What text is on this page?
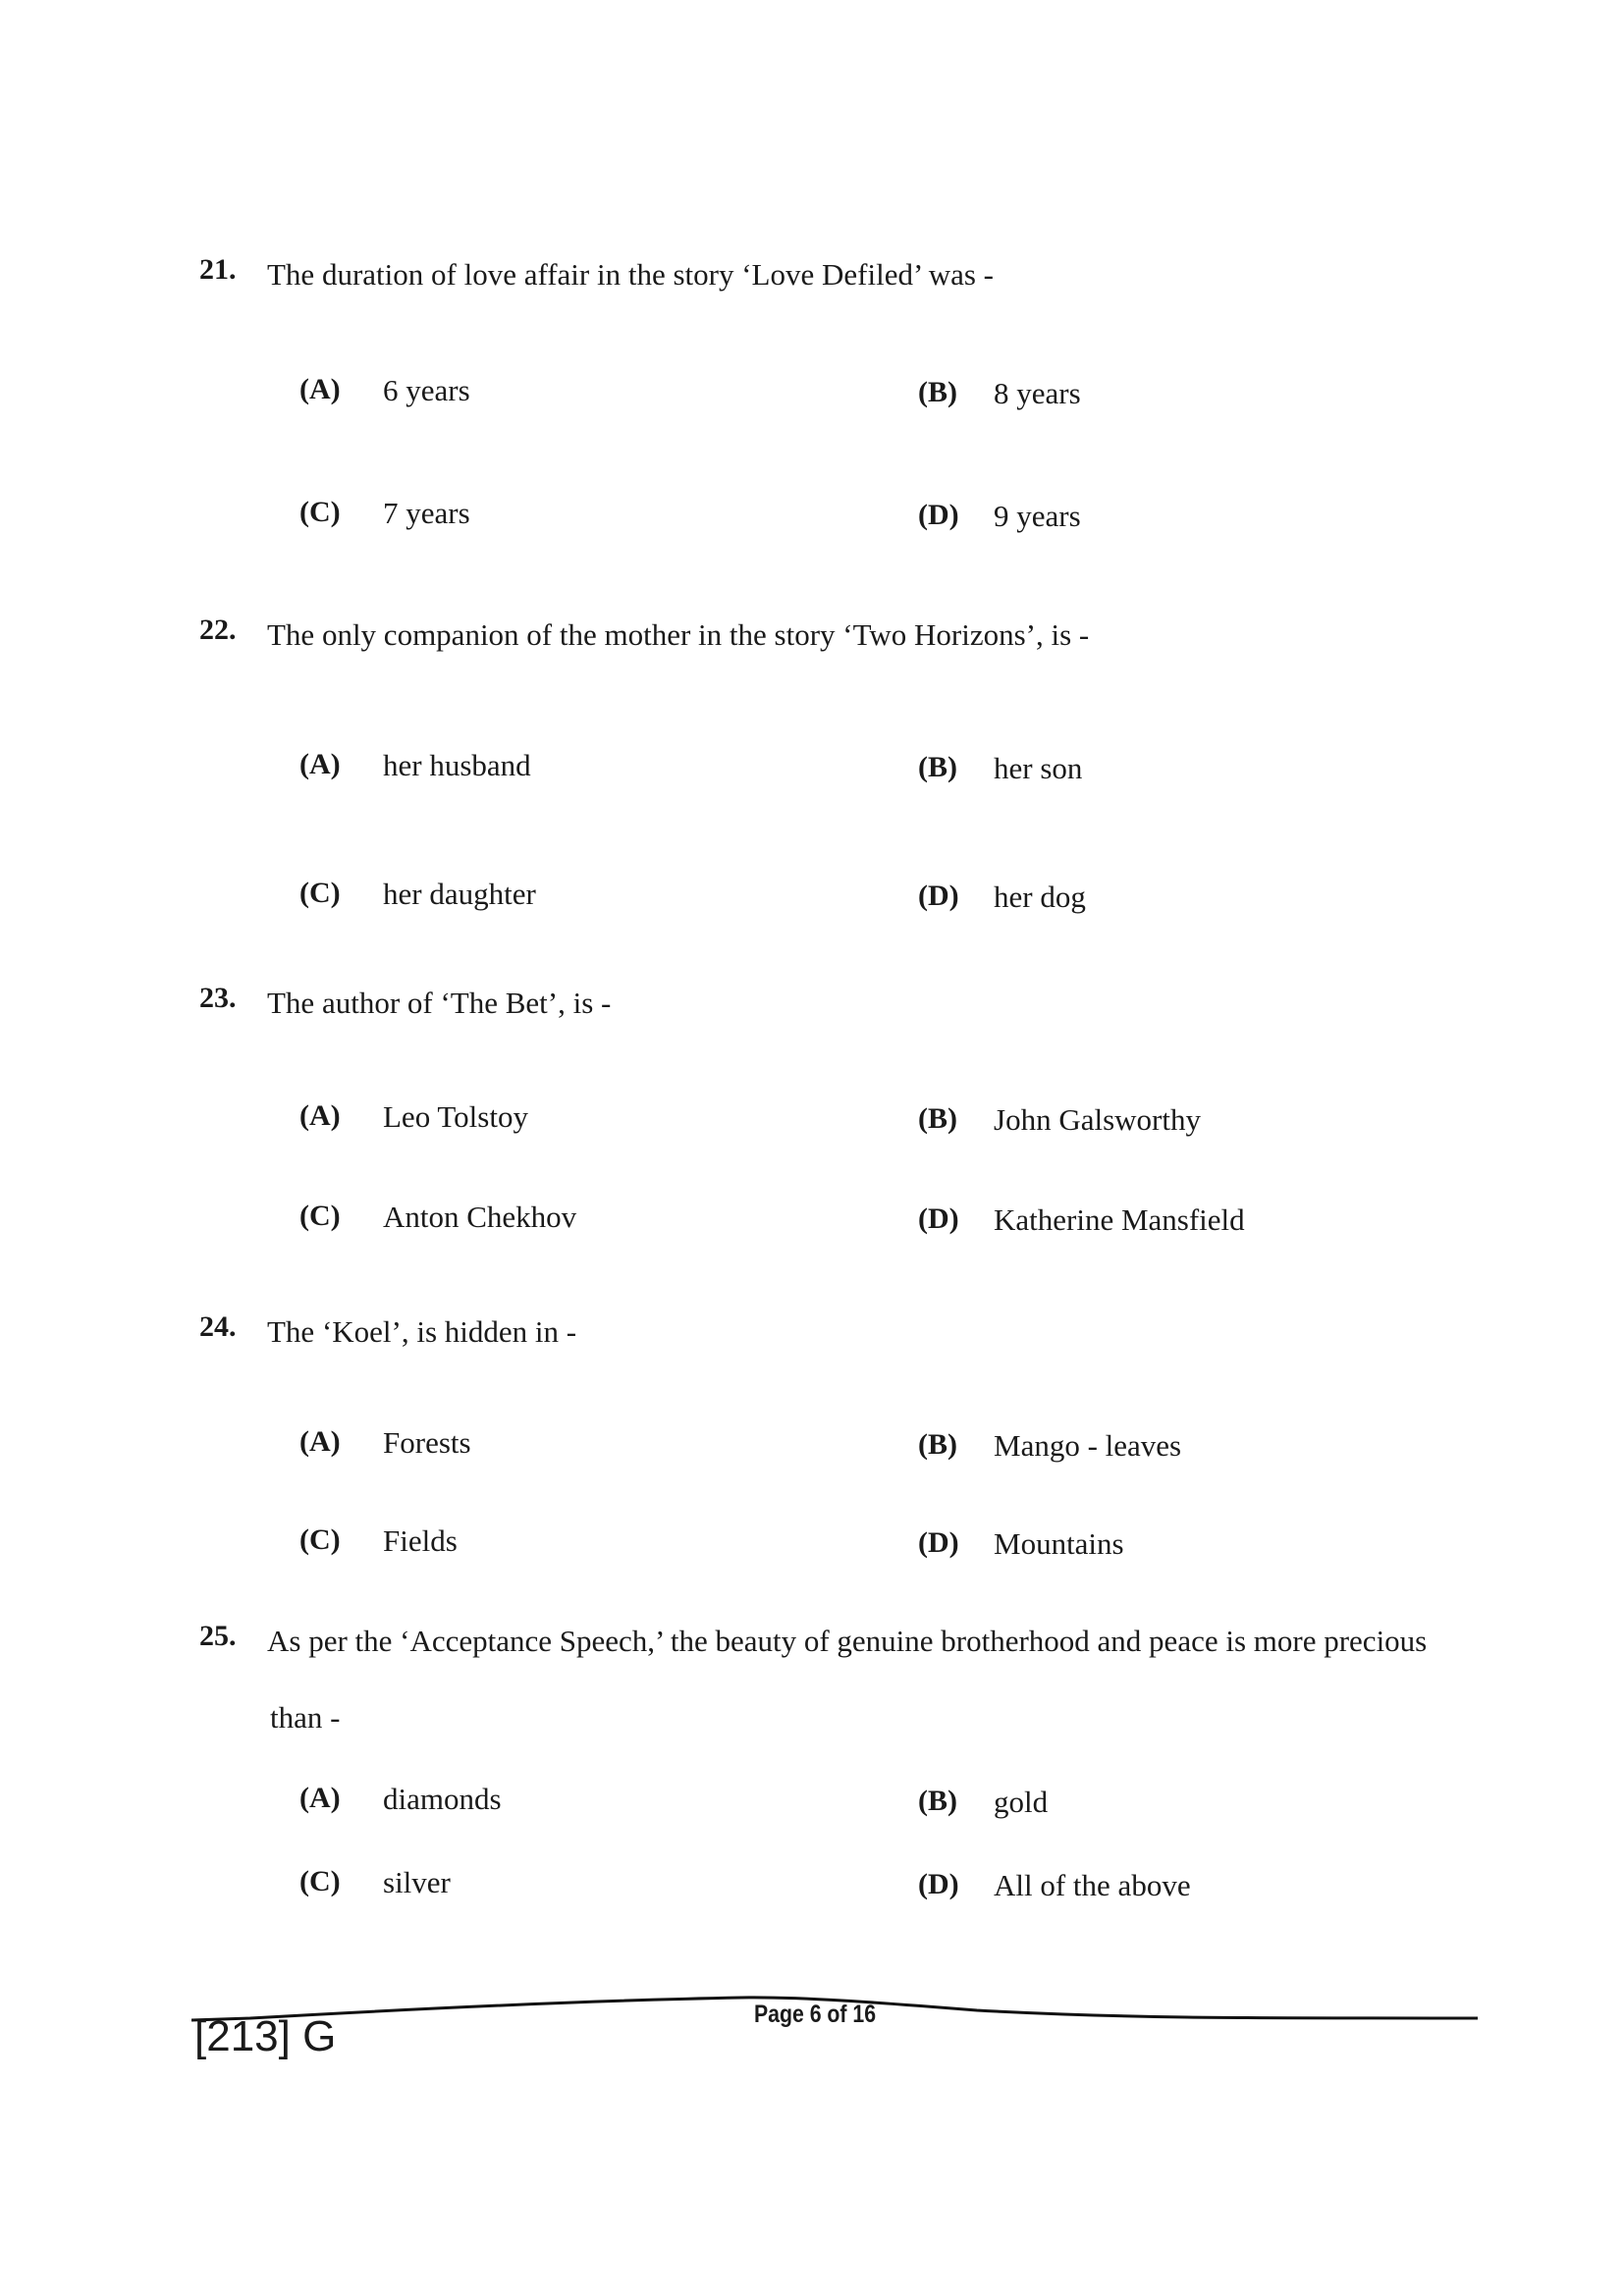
21. The duration of love affair in the story ‘Love Defiled’ was -
(A) 6 years	(B) 8 years
(C) 7 years	(D) 9 years
22. The only companion of the mother in the story ‘Two Horizons’, is -
(A) her husband	(B) her son
(C) her daughter	(D) her dog
23. The author of ‘The Bet’, is -
(A) Leo Tolstoy	(B) John Galsworthy
(C) Anton Chekhov	(D) Katherine Mansfield
24. The ‘Koel’, is hidden in -
(A) Forests	(B) Mango - leaves
(C) Fields	(D) Mountains
25. As per the ‘Acceptance Speech,’ the beauty of genuine brotherhood and peace is more precious
than -
(A) diamonds	(B) gold
(C) silver	(D) All of the above
Page 6 of 16
[213] G
